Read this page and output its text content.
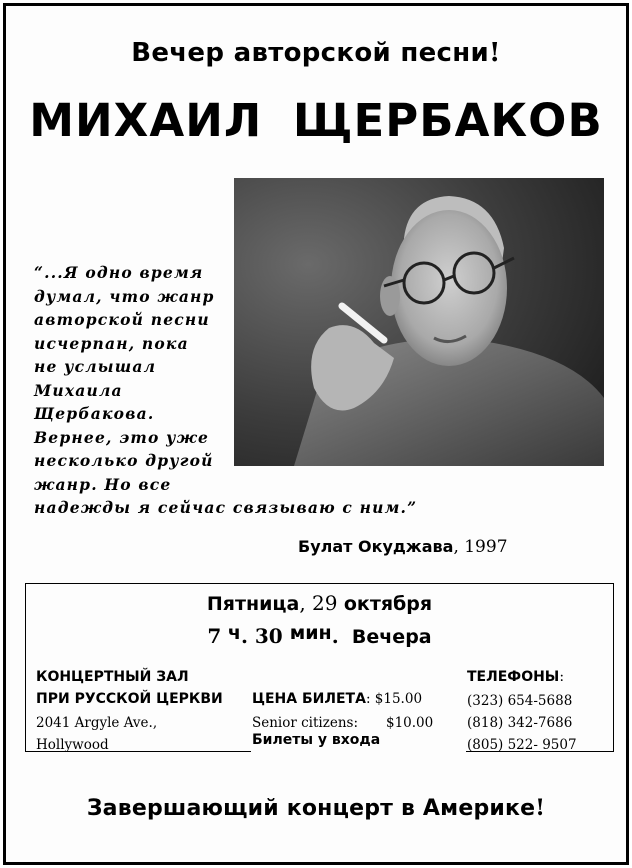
Вечер авторской песни!
МИХАИЛ ЩЕРБАКОВ
“...Я одно время
думал, что жанр
авторской песни
исчерпан, пока
не услышал
Михаила
Щербакова.
Вернее, это уже
несколько другой
жанр. Но все
надежды я сейчас связываю с ним.”
Булат Окуджава, 1997
Пятница, 29 октября
7 ч. 30 мин. Вечера
КОНЦЕРТНЫЙ ЗАЛ
ПРИ РУССКОЙ ЦЕРКВИ
2041 Argyle Ave.,
Hollywood
ЦЕНА БИЛЕТА: $15.00
Senior citizens: $10.00
Билеты у входа
ТЕЛЕФОНЫ:
(323) 654-5688
(818) 342-7686
(805) 522- 9507
Завершающий концерт в Америке!
